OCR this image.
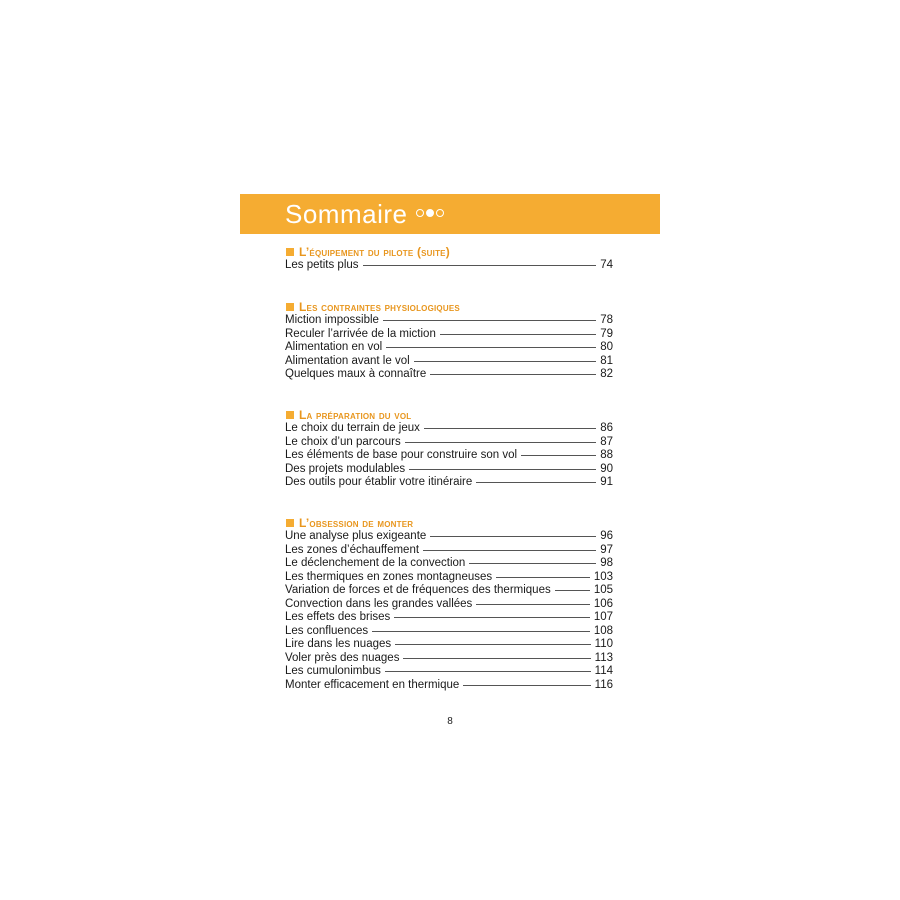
Sommaire
L’équipement du pilote (suite)
Les petits plus	74
Les contraintes physiologiques
Miction impossible	78
Reculer l’arrivée de la miction	79
Alimentation en vol	80
Alimentation avant le vol	81
Quelques maux à connaître	82
La préparation du vol
Le choix du terrain de jeux	86
Le choix d’un parcours	87
Les éléments de base pour construire son vol	88
Des projets modulables	90
Des outils pour établir votre itinéraire	91
L’obsession de monter
Une analyse plus exigeante	96
Les zones d’échauffement	97
Le déclenchement de la convection	98
Les thermiques en zones montagneuses	103
Variation de forces et de fréquences des thermiques	105
Convection dans les grandes vallées	106
Les effets des brises	107
Les confluences	108
Lire dans les nuages	110
Voler près des nuages	113
Les cumulonimbus	114
Monter efficacement en thermique	116
8
